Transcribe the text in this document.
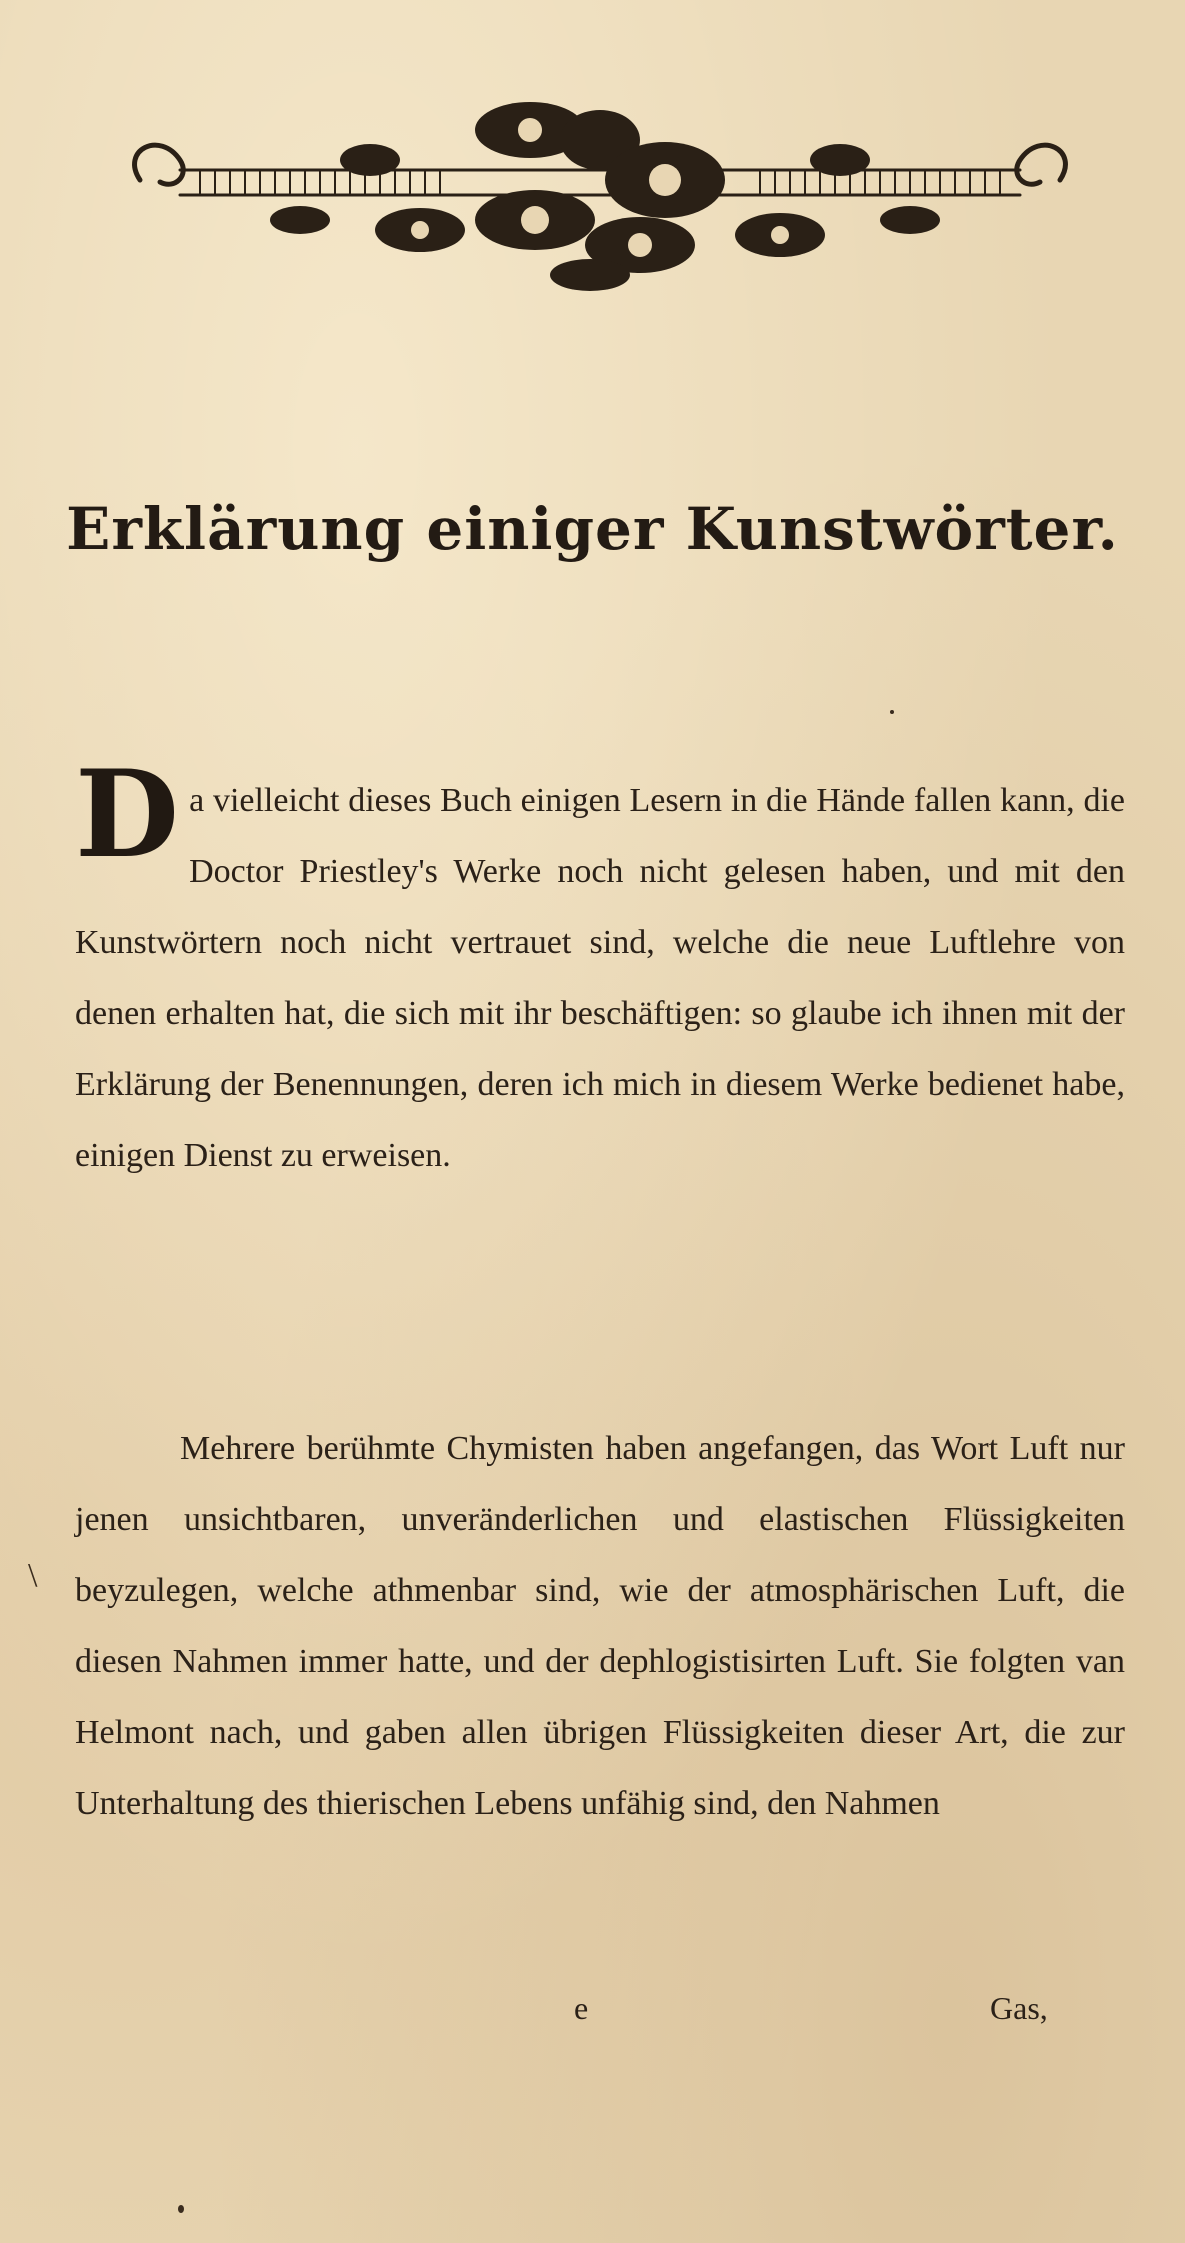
Erklärung einiger Kunstwörter.
Da vielleicht dieses Buch einigen Lesern in die Hände fallen kann, die Doctor Priestley's Werke noch nicht gelesen haben, und mit den Kunstwörtern noch nicht vertrauet sind, welche die neue Luftlehre von denen erhalten hat, die sich mit ihr beschäftigen: so glaube ich ihnen mit der Erklärung der Benennungen, deren ich mich in diesem Werke bedienet habe, einigen Dienst zu erweisen.
Mehrere berühmte Chymisten haben angefangen, das Wort Luft nur jenen unsichtbaren, unveränderlichen und elastischen Flüssigkeiten beyzulegen, welche athmenbar sind, wie der atmosphärischen Luft, die diesen Nahmen immer hatte, und der dephlogistisirten Luft. Sie folgten van Helmont nach, und gaben allen übrigen Flüssigkeiten dieser Art, die zur Unterhaltung des thierischen Lebens unfähig sind, den Nahmen
\
e	Gas,
